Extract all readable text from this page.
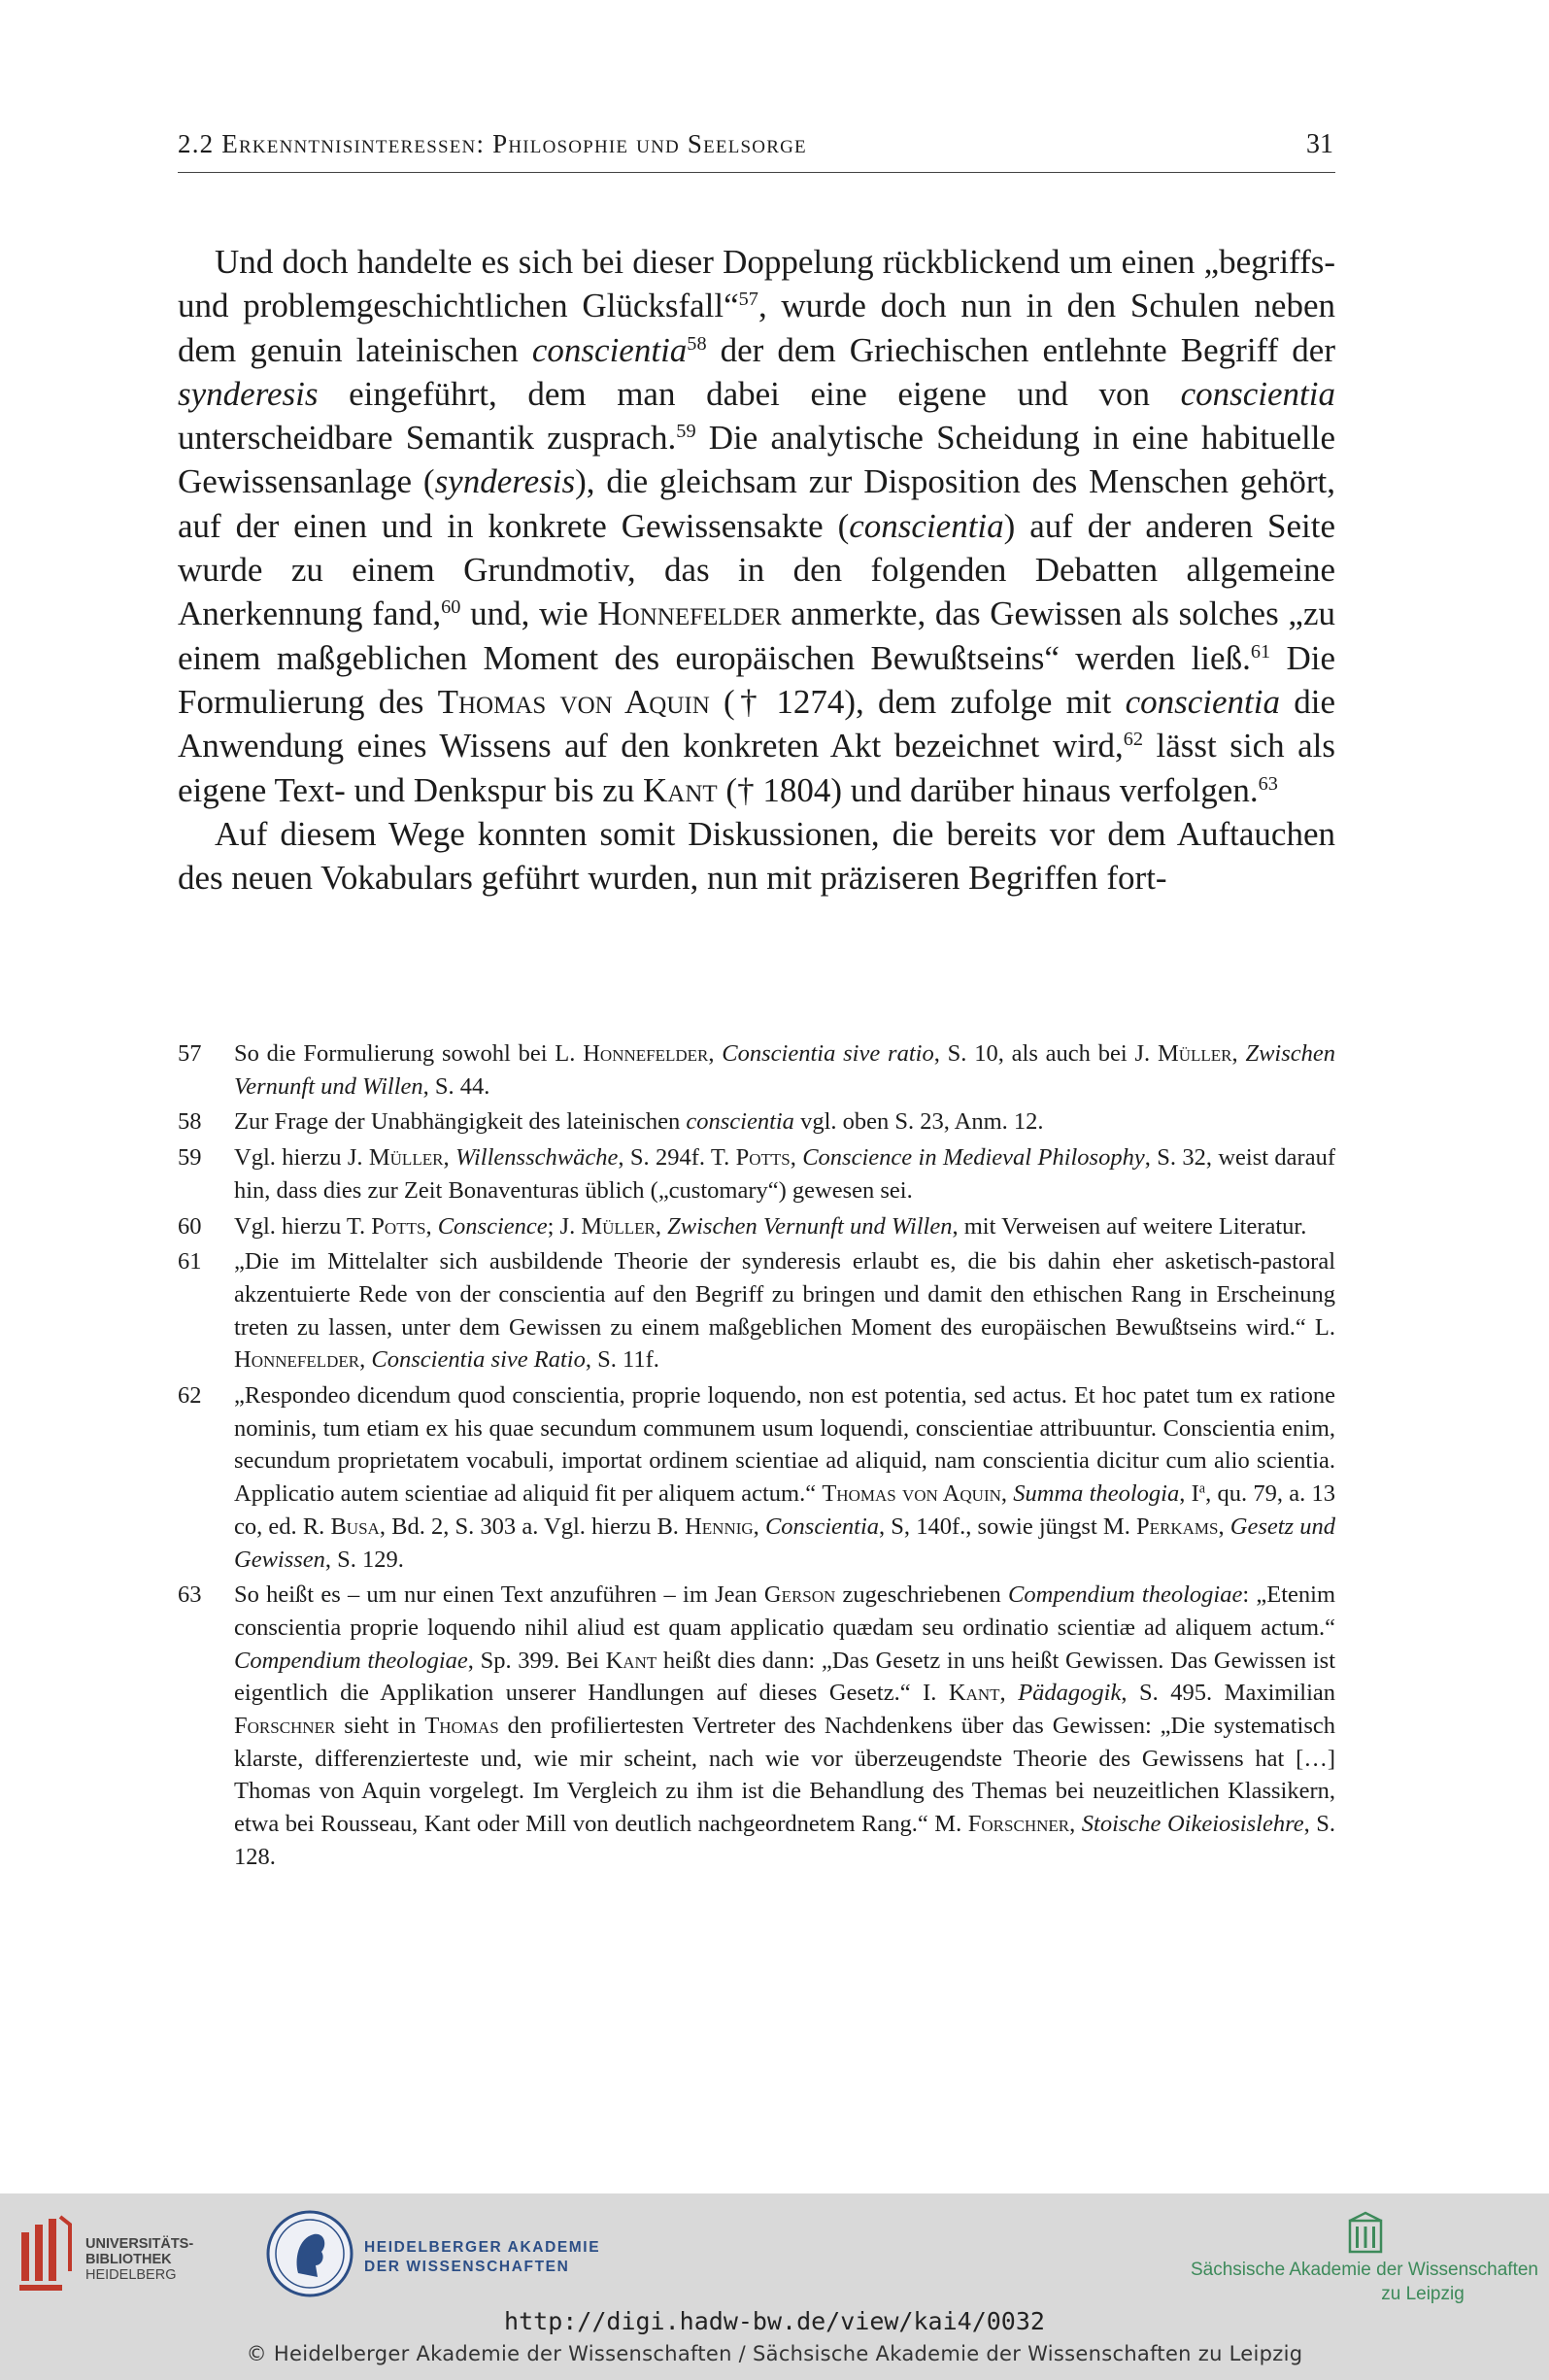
2.2 Erkenntnisinteressen: Philosophie und Seelsorge	31

Und doch handelte es sich bei dieser Doppelung rückblickend um einen „begriffs- und problemgeschichtlichen Glücksfall“$^{57}$, wurde doch nun in den Schulen neben dem genuin lateinischen conscientia$^{58}$ der dem Griechischen entlehnte Begriff der synderesis eingeführt, dem man dabei eine eigene und von conscientia unterscheidbare Semantik zusprach.$^{59}$ Die analytische Scheidung in eine habituelle Gewissensanlage (synderesis), die gleichsam zur Disposition des Menschen gehört, auf der einen und in konkrete Gewissensakte (conscientia) auf der anderen Seite wurde zu einem Grundmotiv, das in den folgenden Debatten allgemeine Anerkennung fand,$^{60}$ und, wie Honnefelder anmerkte, das Gewissen als solches „zu einem maßgeblichen Moment des europäischen Bewußtseins“ werden ließ.$^{61}$ Die Formulierung des Thomas von Aquin († 1274), dem zufolge mit conscientia die Anwendung eines Wissens auf den konkreten Akt bezeichnet wird,$^{62}$ lässt sich als eigene Text- und Denkspur bis zu Kant († 1804) und darüber hinaus verfolgen.$^{63}$

Auf diesem Wege konnten somit Diskussionen, die bereits vor dem Auftauchen des neuen Vokabulars geführt wurden, nun mit präziseren Begriffen fort-

57 So die Formulierung sowohl bei L. Honnefelder, Conscientia sive ratio, S. 10, als auch bei J. Müller, Zwischen Vernunft und Willen, S. 44.
58 Zur Frage der Unabhängigkeit des lateinischen conscientia vgl. oben S. 23, Anm. 12.
59 Vgl. hierzu J. Müller, Willensschwäche, S. 294f. T. Potts, Conscience in Medieval Philosophy, S. 32, weist darauf hin, dass dies zur Zeit Bonaventuras üblich („customary“) gewesen sei.
60 Vgl. hierzu T. Potts, Conscience; J. Müller, Zwischen Vernunft und Willen, mit Verweisen auf weitere Literatur.
61 „Die im Mittelalter sich ausbildende Theorie der synderesis erlaubt es, die bis dahin eher asketisch-pastoral akzentuierte Rede von der conscientia auf den Begriff zu bringen und damit den ethischen Rang in Erscheinung treten zu lassen, unter dem Gewissen zu einem maßgeblichen Moment des europäischen Bewußtseins wird.“ L. Honnefelder, Conscientia sive Ratio, S. 11f.
62 „Respondeo dicendum quod conscientia, proprie loquendo, non est potentia, sed actus. Et hoc patet tum ex ratione nominis, tum etiam ex his quae secundum communem usum loquendi, conscientiae attribuuntur. Conscientia enim, secundum proprietatem vocabuli, importat ordinem scientiae ad aliquid, nam conscientia dicitur cum alio scientia. Applicatio autem scientiae ad aliquid fit per aliquem actum.“ Thomas von Aquin, Summa theologia, $I^a$, qu. 79, a. 13 co, ed. R. Busa, Bd. 2, S. 303 a. Vgl. hierzu B. Hennig, Conscientia, S, 140f., sowie jüngst M. Perkams, Gesetz und Gewissen, S. 129.
63 So heißt es – um nur einen Text anzuführen – im Jean Gerson zugeschriebenen Compendium theologiae: „Etenim conscientia proprie loquendo nihil aliud est quam applicatio quædam seu ordinatio scientiæ ad aliquem actum.“ Compendium theologiae, Sp. 399. Bei Kant heißt dies dann: „Das Gesetz in uns heißt Gewissen. Das Gewissen ist eigentlich die Applikation unserer Handlungen auf dieses Gesetz.“ I. Kant, Pädagogik, S. 495. Maximilian Forschner sieht in Thomas den profiliertesten Vertreter des Nachdenkens über das Gewissen: „Die systematisch klarste, differenzierteste und, wie mir scheint, nach wie vor überzeugendste Theorie des Gewissens hat […] Thomas von Aquin vorgelegt. Im Vergleich zu ihm ist die Behandlung des Themas bei neuzeitlichen Klassikern, etwa bei Rousseau, Kant oder Mill von deutlich nachgeordnetem Rang.“ M. Forschner, Stoische Oikeiosislehre, S. 128.
UNIVERSITÄTS-
BIBLIOTHEK
HEIDELBERG
HEIDELBERGER AKADEMIE
DER WISSENSCHAFTEN	Sächsische Akademie der Wissenschaften
zu Leipzig
http://digi.hadw-bw.de/view/kai4/0032
© Heidelberger Akademie der Wissenschaften / Sächsische Akademie der Wissenschaften zu Leipzig
